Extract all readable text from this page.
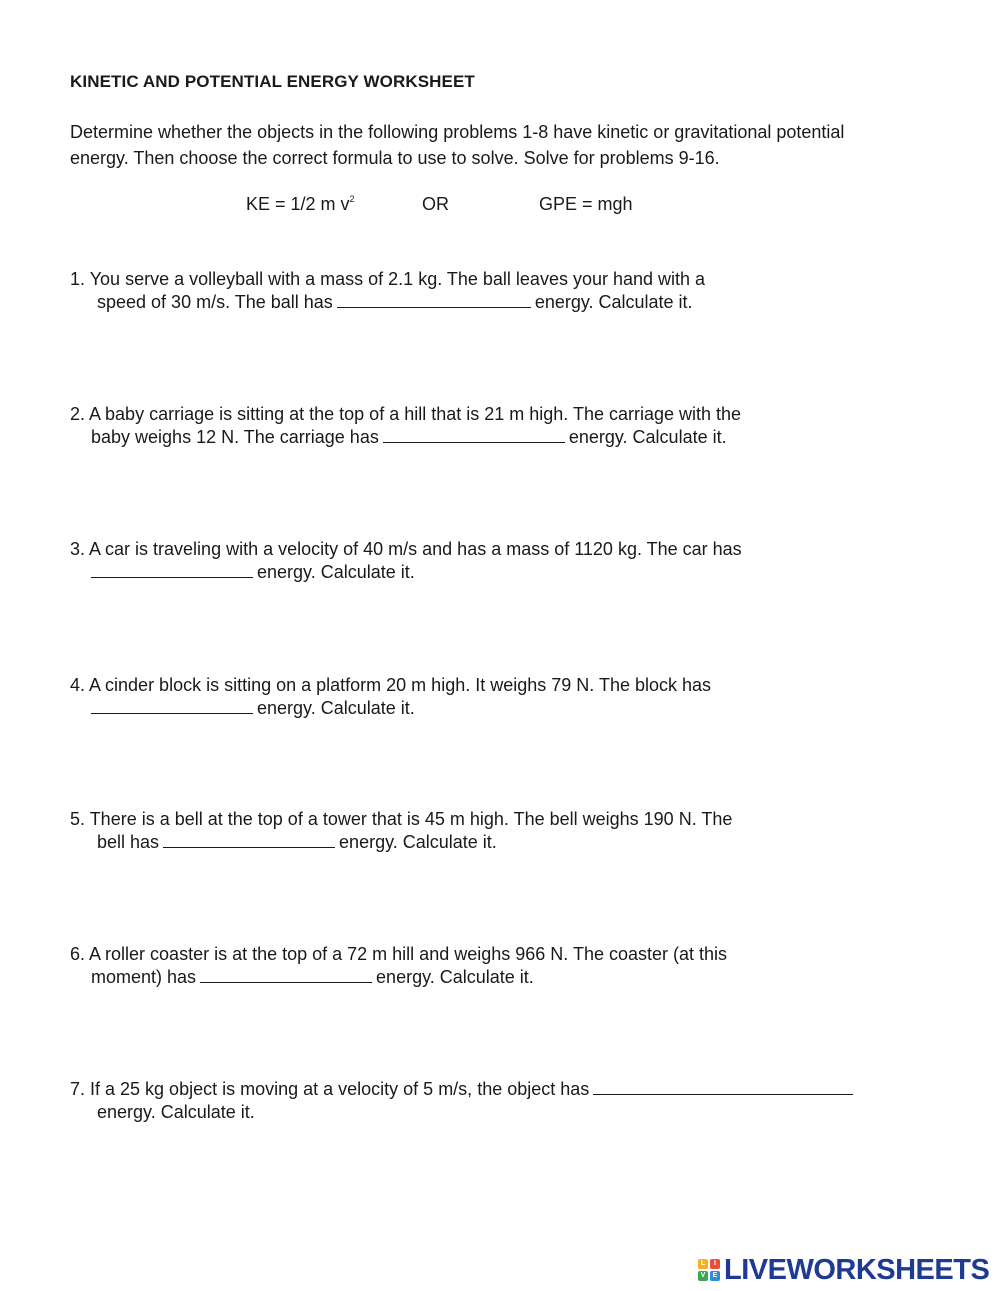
KINETIC AND POTENTIAL ENERGY WORKSHEET
Determine whether the objects in the following problems 1-8 have kinetic or gravitational potential
energy. Then choose the correct formula to use to solve. Solve for problems 9-16.
KE = 1/2 m $v^2$	OR	GPE = mgh
1. You serve a volleyball with a mass of 2.1 kg. The ball leaves your hand with a
speed of 30 m/s. The ball has	energy. Calculate it.
2. A baby carriage is sitting at the top of a hill that is 21 m high. The carriage with the
baby weighs 12 N. The carriage has	energy. Calculate it.
3. A car is traveling with a velocity of 40 m/s and has a mass of 1120 kg. The car has
energy. Calculate it.
4. A cinder block is sitting on a platform 20 m high. It weighs 79 N. The block has
energy. Calculate it.
5. There is a bell at the top of a tower that is 45 m high. The bell weighs 190 N. The
bell has	energy. Calculate it.
6. A roller coaster is at the top of a 72 m hill and weighs 966 N. The coaster (at this
moment) has	energy. Calculate it.
7. If a 25 kg object is moving at a velocity of 5 m/s, the object has
energy. Calculate it.
L	I
V	E LIVEWORKSHEETS
